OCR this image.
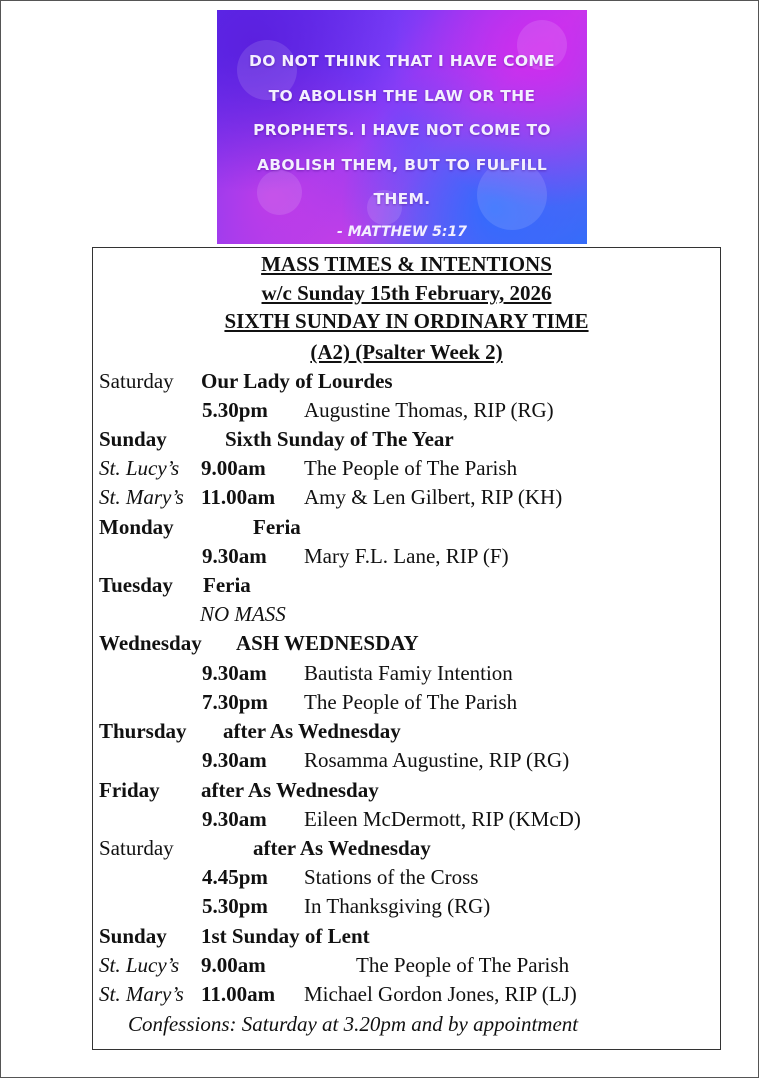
DO NOT THINK THAT I HAVE COME
TO ABOLISH THE LAW OR THE
PROPHETS. I HAVE NOT COME TO
ABOLISH THEM, BUT TO FULFILL
THEM.
- MATTHEW 5:17
MASS TIMES & INTENTIONS
w/c Sunday 15th February, 2026
SIXTH SUNDAY IN ORDINARY TIME
(A2) (Psalter Week 2)
Saturday Our Lady of Lourdes
5.30pm Augustine Thomas, RIP (RG)
Sunday	Sixth Sunday of The Year
St. Lucy’s 9.00am The People of The Parish
St. Mary’s 11.00am Amy & Len Gilbert, RIP (KH)
Monday	Feria
9.30am Mary F.L. Lane, RIP (F)
Tuesday Feria
NO MASS
Wednesday ASH WEDNESDAY
9.30am Bautista Famiy Intention
7.30pm The People of The Parish
Thursday after As Wednesday
9.30am Rosamma Augustine, RIP (RG)
Friday after As Wednesday
9.30am Eileen McDermott, RIP (KMcD)
Saturday	after As Wednesday
4.45pm Stations of the Cross
5.30pm In Thanksgiving (RG)
Sunday 1st Sunday of Lent
St. Lucy’s 9.00am	The People of The Parish
St. Mary’s 11.00am Michael Gordon Jones, RIP (LJ)
Confessions: Saturday at 3.20pm and by appointment
